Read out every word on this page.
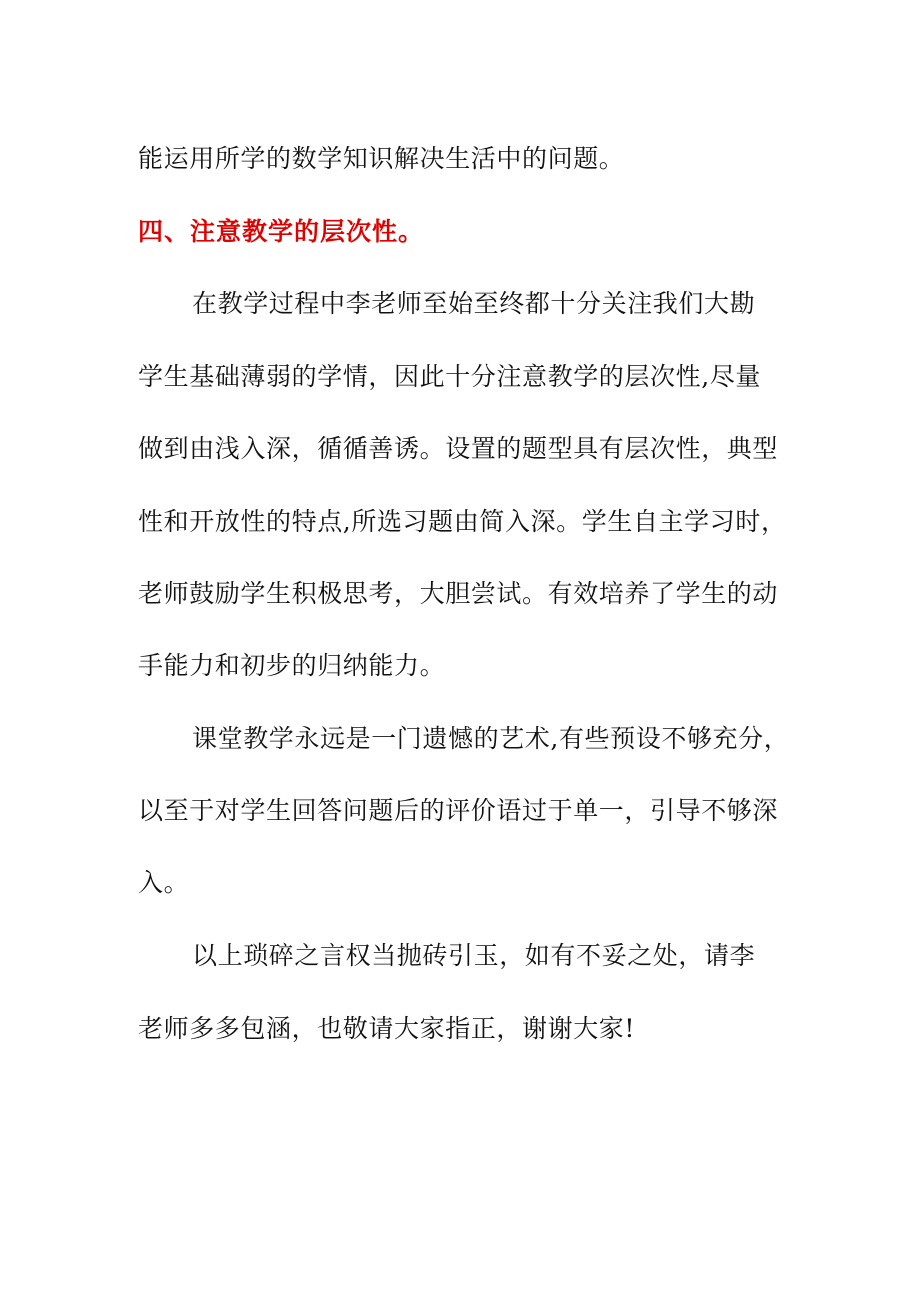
能运用所学的数学知识解决生活中的问题。
四、注意教学的层次性。
在教学过程中李老师至始至终都十分关注我们大勘
学生基础薄弱的学情，因此十分注意教学的层次性,尽量
做到由浅入深，循循善诱。设置的题型具有层次性，典型
性和开放性的特点,所选习题由简入深。学生自主学习时，
老师鼓励学生积极思考，大胆尝试。有效培养了学生的动
手能力和初步的归纳能力。
课堂教学永远是一门遗憾的艺术,有些预设不够充分，
以至于对学生回答问题后的评价语过于单一，引导不够深
入。
以上琐碎之言权当抛砖引玉，如有不妥之处，请李
老师多多包涵，也敬请大家指正，谢谢大家!
